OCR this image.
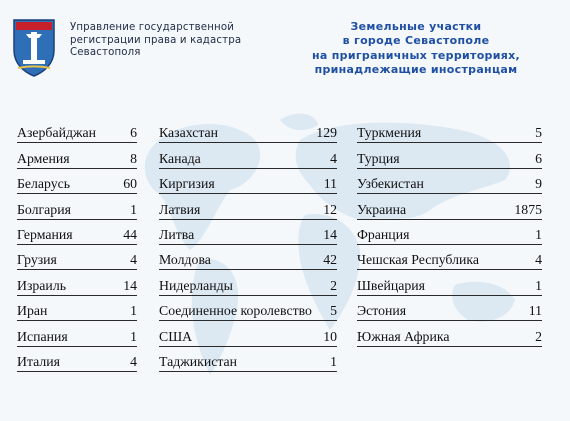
Управление государственной
регистрации права и кадастра
Севастополя
Земельные участки
в городе Севастополе
на приграничных территориях,
принадлежащие иностранцам
Азербайджан 6
Армения	8
Беларусь	60
Болгария	1
Германия	44
Грузия	4
Израиль	14
Иран	1
Испания	1
Италия	4
Казахстан	129
Канада	4
Киргизия	11
Латвия	12
Литва	14
Молдова	42
Нидерланды	2
Соединенное королевство 5
США	10
Таджикистан	1
Туркмения	5
Турция	6
Узбекистан	9
Украина	1875
Франция	1
Чешская Республика	4
Швейцария	1
Эстония	11
Южная Африка	2
